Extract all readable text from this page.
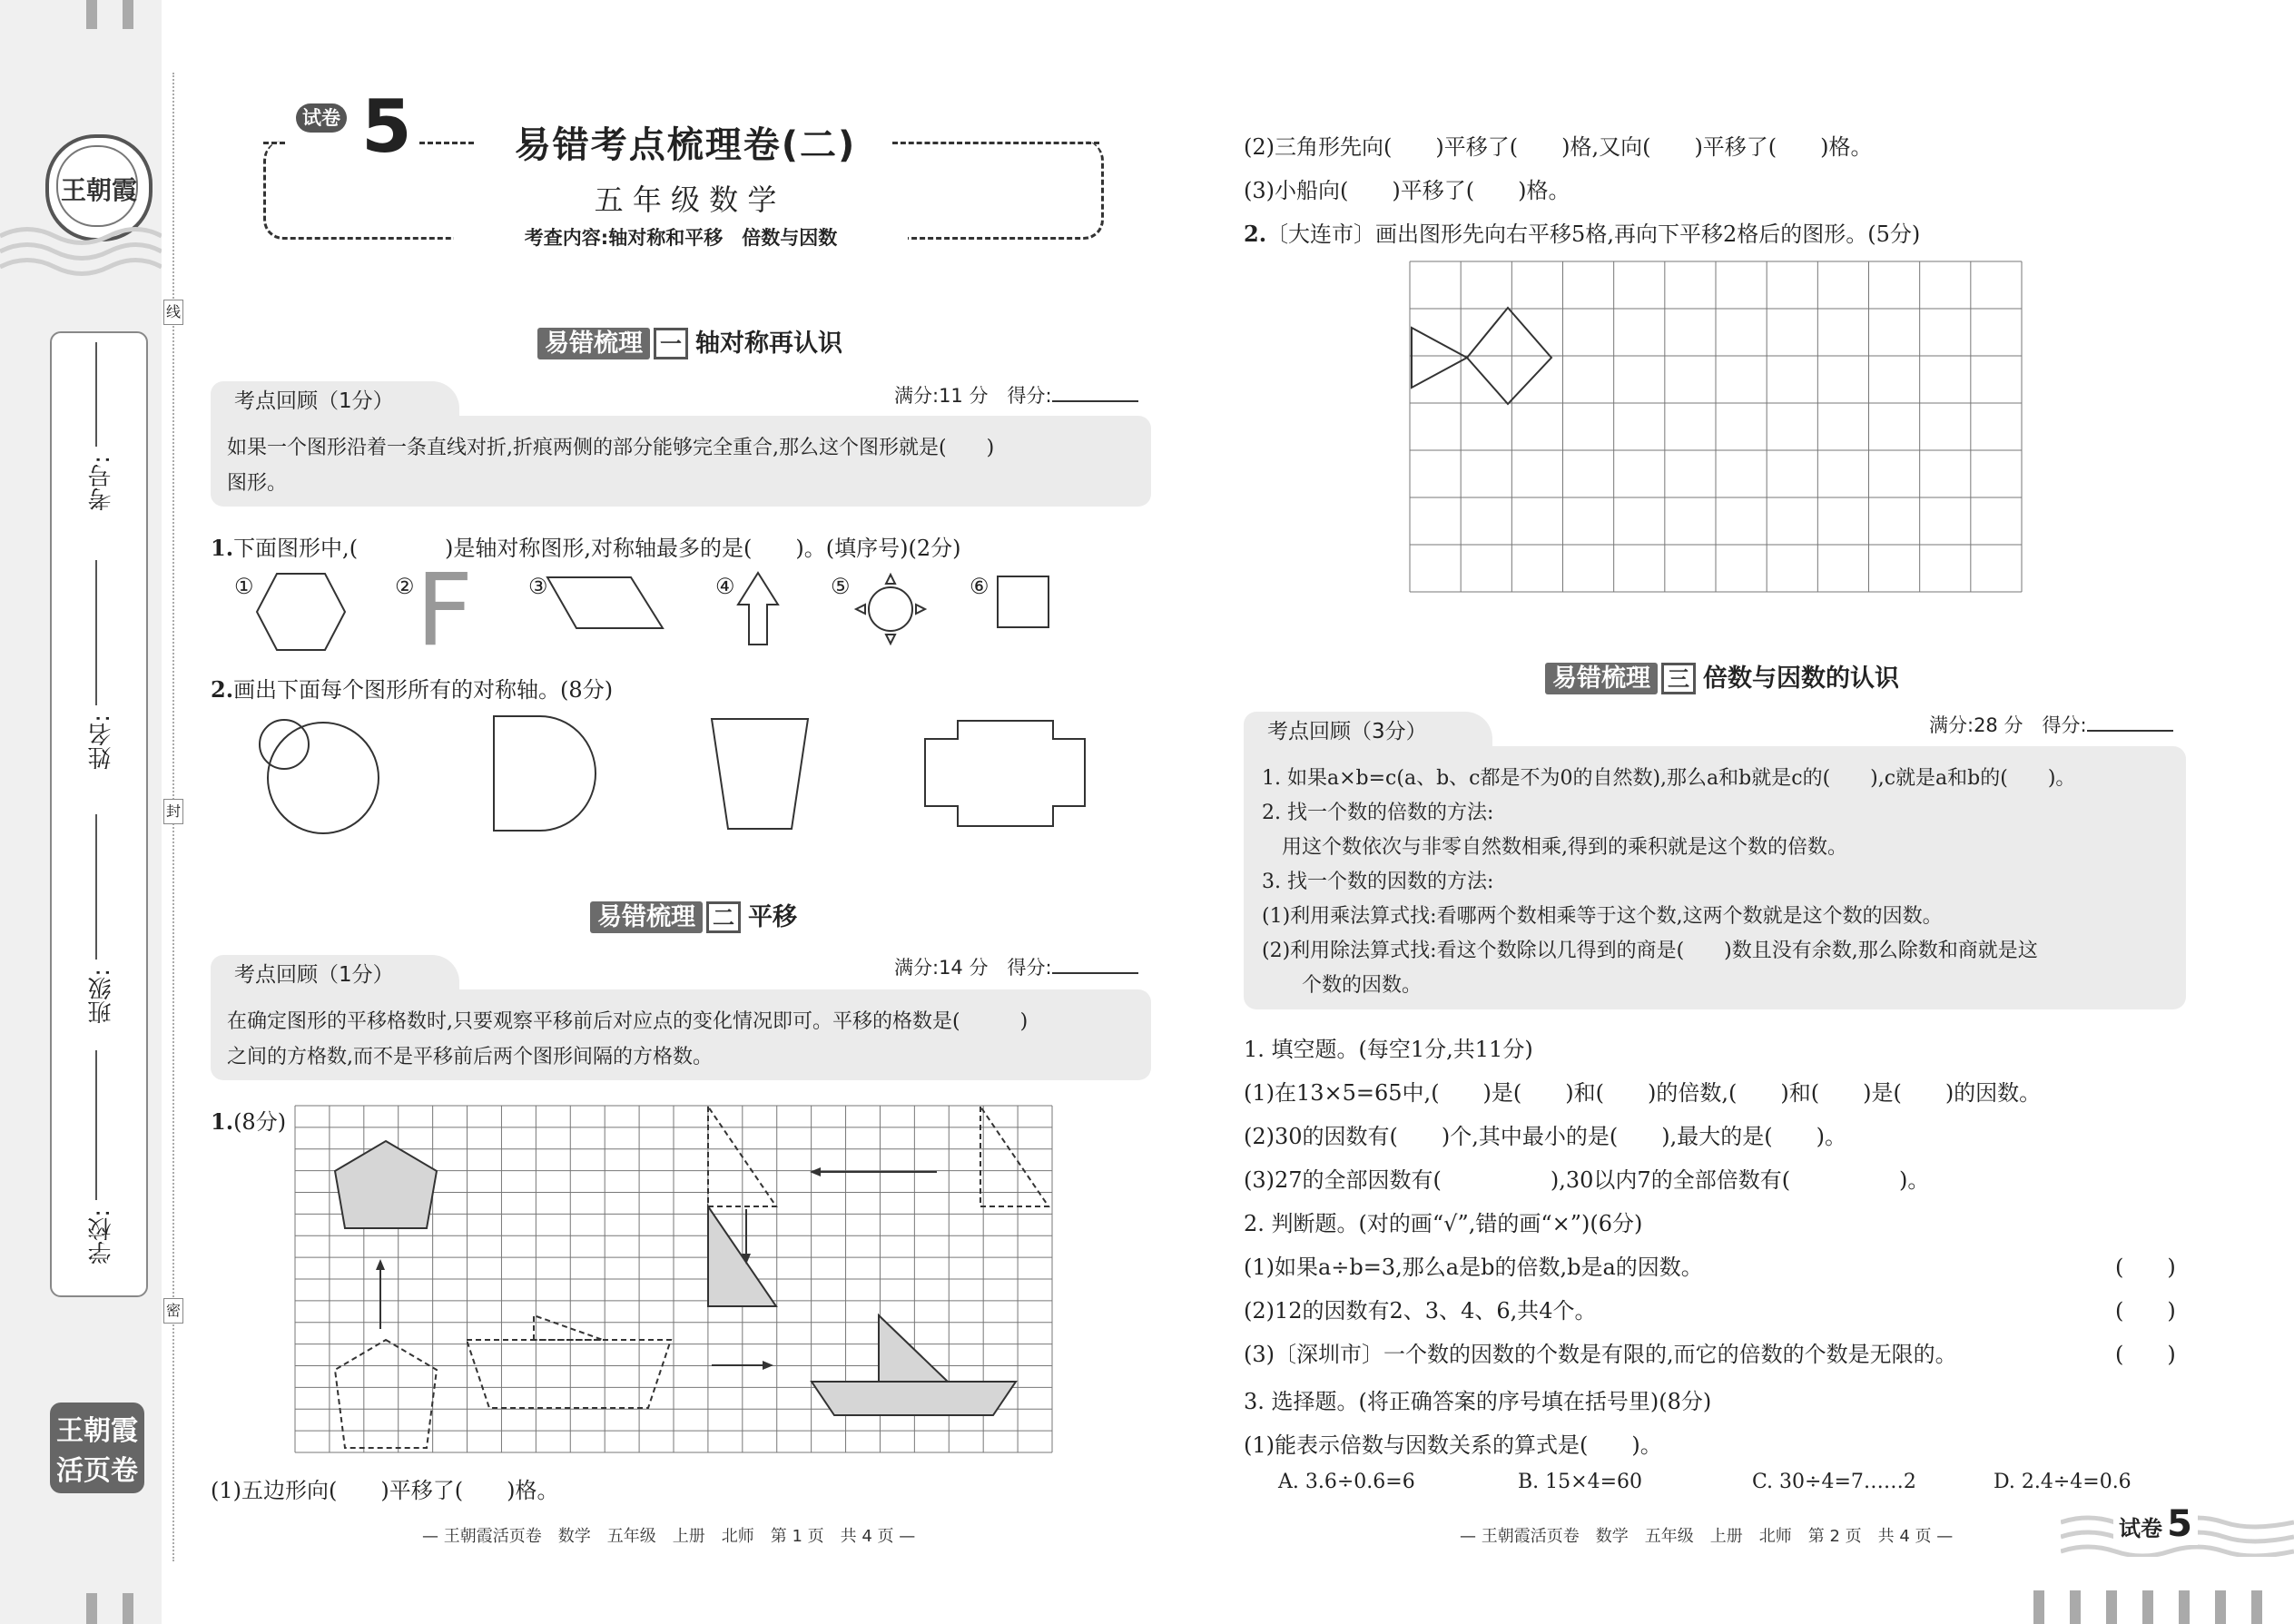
王朝霞
考号:
姓名:
班级:
学校:
线
封
密
王朝霞
活页卷
试卷 5	易错考点梳理卷(二)
五 年 级 数 学
考查内容:轴对称和平移　倍数与因数
易错梳理 一 轴对称再认识
考点回顾（1分）	满分:11 分　 得分:
如果一个图形沿着一条直线对折,折痕两侧的部分能够完全重合,那么这个图形就是(　　)
图形。
1.下面图形中,(　　　　)是轴对称图形,对称轴最多的是(　　)。(填序号)(2分)
①	② F	③	④	⑤	⑥
2.画出下面每个图形所有的对称轴。(8分)
易错梳理 二 平移
考点回顾（1分）	满分:14 分　 得分:
在确定图形的平移格数时,只要观察平移前后对应点的变化情况即可。平移的格数是(　　　)
之间的方格数,而不是平移前后两个图形间隔的方格数。
1.(8分)
(1)五边形向(　　)平移了(　　)格。
— 王朝霞活页卷　数学　五年级　上册　北师　第 1 页　共 4 页 —
(2)三角形先向(　　)平移了(　　)格,又向(　　)平移了(　　)格。
(3)小船向(　　)平移了(　　)格。
2.〔大连市〕画出图形先向右平移5格,再向下平移2格后的图形。(5分)
易错梳理 三 倍数与因数的认识
考点回顾（3分）	满分:28 分　 得分:
1. 如果a×b=c(a、b、c都是不为0的自然数),那么a和b就是c的(　　),c就是a和b的(　　)。
2. 找一个数的倍数的方法:
　用这个数依次与非零自然数相乘,得到的乘积就是这个数的倍数。
3. 找一个数的因数的方法:
(1)利用乘法算式找:看哪两个数相乘等于这个数,这两个数就是这个数的因数。
(2)利用除法算式找:看这个数除以几得到的商是(　　)数且没有余数,那么除数和商就是这
　　个数的因数。
1. 填空题。(每空1分,共11分)
(1)在13×5=65中,(　　)是(　　)和(　　)的倍数,(　　)和(　　)是(　　)的因数。
(2)30的因数有(　　)个,其中最小的是(　　),最大的是(　　)。
(3)27的全部因数有(　　　　　),30以内7的全部倍数有(　　　　　)。
2. 判断题。(对的画“√”,错的画“×”)(6分)
(1)如果a÷b=3,那么a是b的倍数,b是a的因数。	(　　)
(2)12的因数有2、3、4、6,共4个。	(　　)
(3)〔深圳市〕一个数的因数的个数是有限的,而它的倍数的个数是无限的。	(　　)
3. 选择题。(将正确答案的序号填在括号里)(8分)
(1)能表示倍数与因数关系的算式是(　　)。
A. 3.6÷0.6=6	B. 15×4=60	C. 30÷4=7……2	D. 2.4÷4=0.6
— 王朝霞活页卷　数学　五年级　上册　北师　第 2 页　共 4 页 —	试卷 5
